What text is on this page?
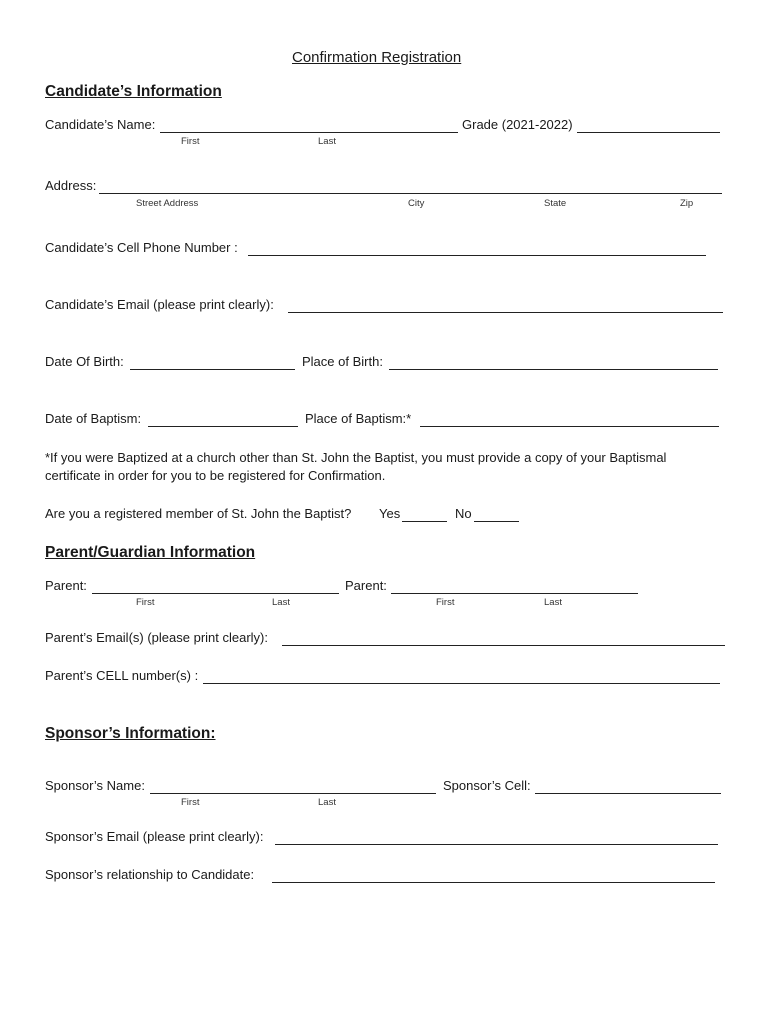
Confirmation Registration
Candidate’s Information
Candidate’s Name:	Grade (2021-2022)
First	Last
Address:
Street Address	City	State	Zip
Candidate’s Cell Phone Number :
Candidate’s Email (please print clearly):
Date Of Birth:	Place of Birth:
Date of Baptism:	Place of Baptism:*
*If you were Baptized at a church other than St. John the Baptist, you must provide a copy of your Baptismal
certificate in order for you to be registered for Confirmation.
Are you a registered member of St. John the Baptist? Yes	No
Parent/Guardian Information
Parent:	Parent:
First	Last	First	Last
Parent’s Email(s) (please print clearly):
Parent’s CELL number(s) :
Sponsor’s Information:
Sponsor’s Name:	Sponsor’s Cell:
First	Last
Sponsor’s Email (please print clearly):
Sponsor’s relationship to Candidate:
